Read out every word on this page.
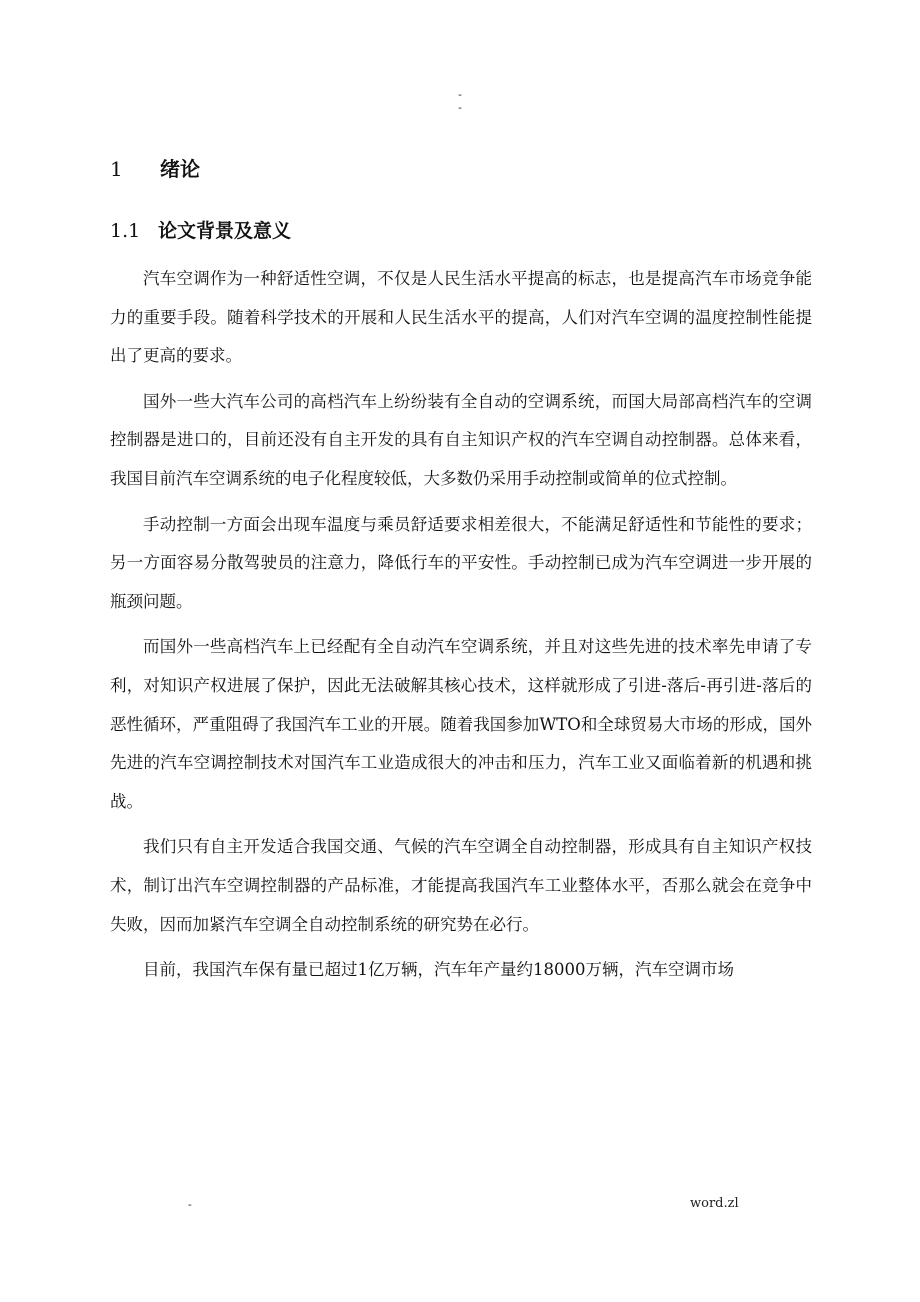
-
-
1 绪论
1.1 论文背景及意义

汽车空调作为一种舒适性空调，不仅是人民生活水平提高的标志，也是提高汽车市场竞争能力的重要手段。随着科学技术的开展和人民生活水平的提高，人们对汽车空调的温度控制性能提出了更高的要求。

国外一些大汽车公司的高档汽车上纷纷装有全自动的空调系统，而国大局部高档汽车的空调控制器是进口的，目前还没有自主开发的具有自主知识产权的汽车空调自动控制器。总体来看，我国目前汽车空调系统的电子化程度较低，大多数仍采用手动控制或简单的位式控制。

手动控制一方面会出现车温度与乘员舒适要求相差很大，不能满足舒适性和节能性的要求；另一方面容易分散驾驶员的注意力，降低行车的平安性。手动控制已成为汽车空调进一步开展的瓶颈问题。

而国外一些高档汽车上已经配有全自动汽车空调系统，并且对这些先进的技术率先申请了专利，对知识产权进展了保护，因此无法破解其核心技术，这样就形成了引进-落后-再引进-落后的恶性循环，严重阻碍了我国汽车工业的开展。随着我国参加WTO和全球贸易大市场的形成，国外先进的汽车空调控制技术对国汽车工业造成很大的冲击和压力，汽车工业又面临着新的机遇和挑战。

我们只有自主开发适合我国交通、气候的汽车空调全自动控制器，形成具有自主知识产权技术，制订出汽车空调控制器的产品标准，才能提高我国汽车工业整体水平，否那么就会在竞争中失败，因而加紧汽车空调全自动控制系统的研究势在必行。

目前，我国汽车保有量已超过1亿万辆，汽车年产量约18000万辆，汽车空调市场

-	word.zl
